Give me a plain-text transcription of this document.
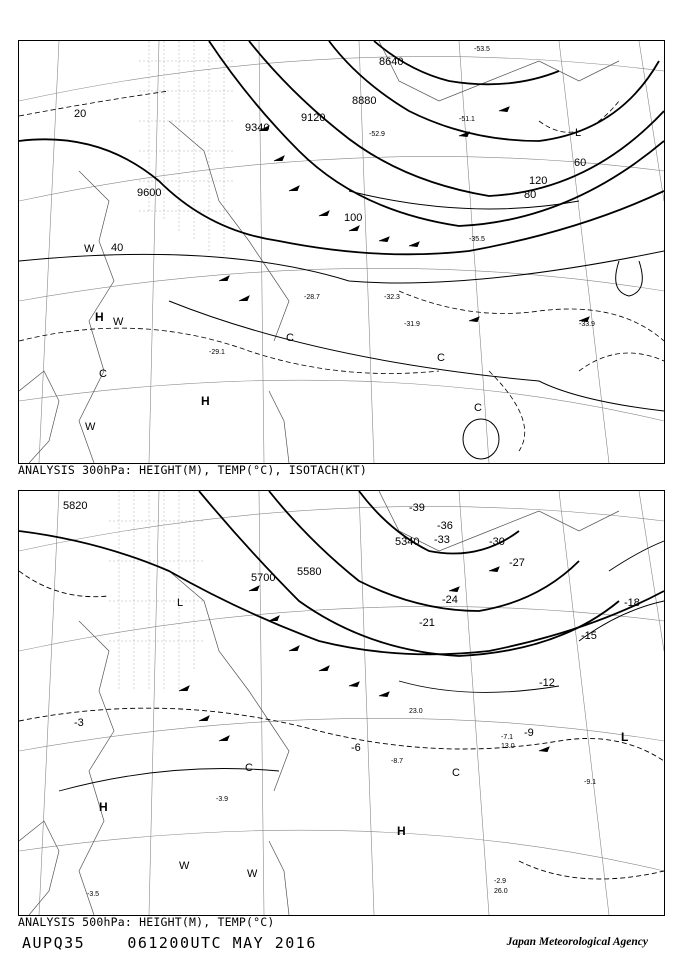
8640
8880
9120
9340
9600
20
40
60
80
100
120
-53.5
-51.1
-52.9
-33.9
-31.9
-32.3
-35.5
-29.1
-28.7
H
H
W
W
W
C
C
C
C
L
ANALYSIS 300hPa: HEIGHT(M), TEMP(°C), ISOTACH(KT)
5820
5700 5580
5340
-3
-6
-9
-12
-15
-18
-21
-24
-27
-30
-33
-36
-39
-7.1
-8.7
-9.1
-2.9
-3.5
-3.9
13.0
26.0
23.0
H
H
L
L
W
W
C
C
ANALYSIS 500hPa: HEIGHT(M), TEMP(°C)
AUPQ35	061200UTC MAY 2016	Japan Meteorological Agency
